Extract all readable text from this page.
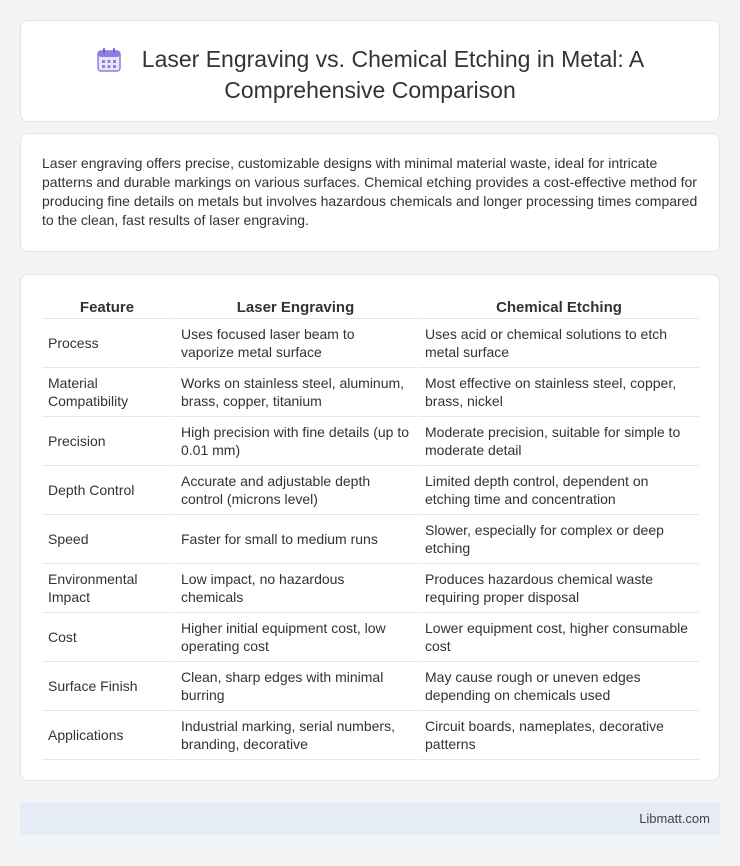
Laser Engraving vs. Chemical Etching in Metal: A Comprehensive Comparison

Laser engraving offers precise, customizable designs with minimal material waste, ideal for intricate patterns and durable markings on various surfaces. Chemical etching provides a cost-effective method for producing fine details on metals but involves hazardous chemicals and longer processing times compared to the clean, fast results of laser engraving.

Feature	Laser Engraving	Chemical Etching
Process	Uses focused laser beam to vaporize metal surface	Uses acid or chemical solutions to etch metal surface
Material Compatibility	Works on stainless steel, aluminum, brass, copper, titanium	Most effective on stainless steel, copper, brass, nickel
Precision	High precision with fine details (up to 0.01 mm)	Moderate precision, suitable for simple to moderate detail
Depth Control	Accurate and adjustable depth control (microns level)	Limited depth control, dependent on etching time and concentration
Speed	Faster for small to medium runs	Slower, especially for complex or deep etching
Environmental Impact	Low impact, no hazardous chemicals	Produces hazardous chemical waste requiring proper disposal
Cost	Higher initial equipment cost, low operating cost	Lower equipment cost, higher consumable cost
Surface Finish	Clean, sharp edges with minimal burring	May cause rough or uneven edges depending on chemicals used
Applications	Industrial marking, serial numbers, branding, decorative	Circuit boards, nameplates, decorative patterns
Libmatt.com
